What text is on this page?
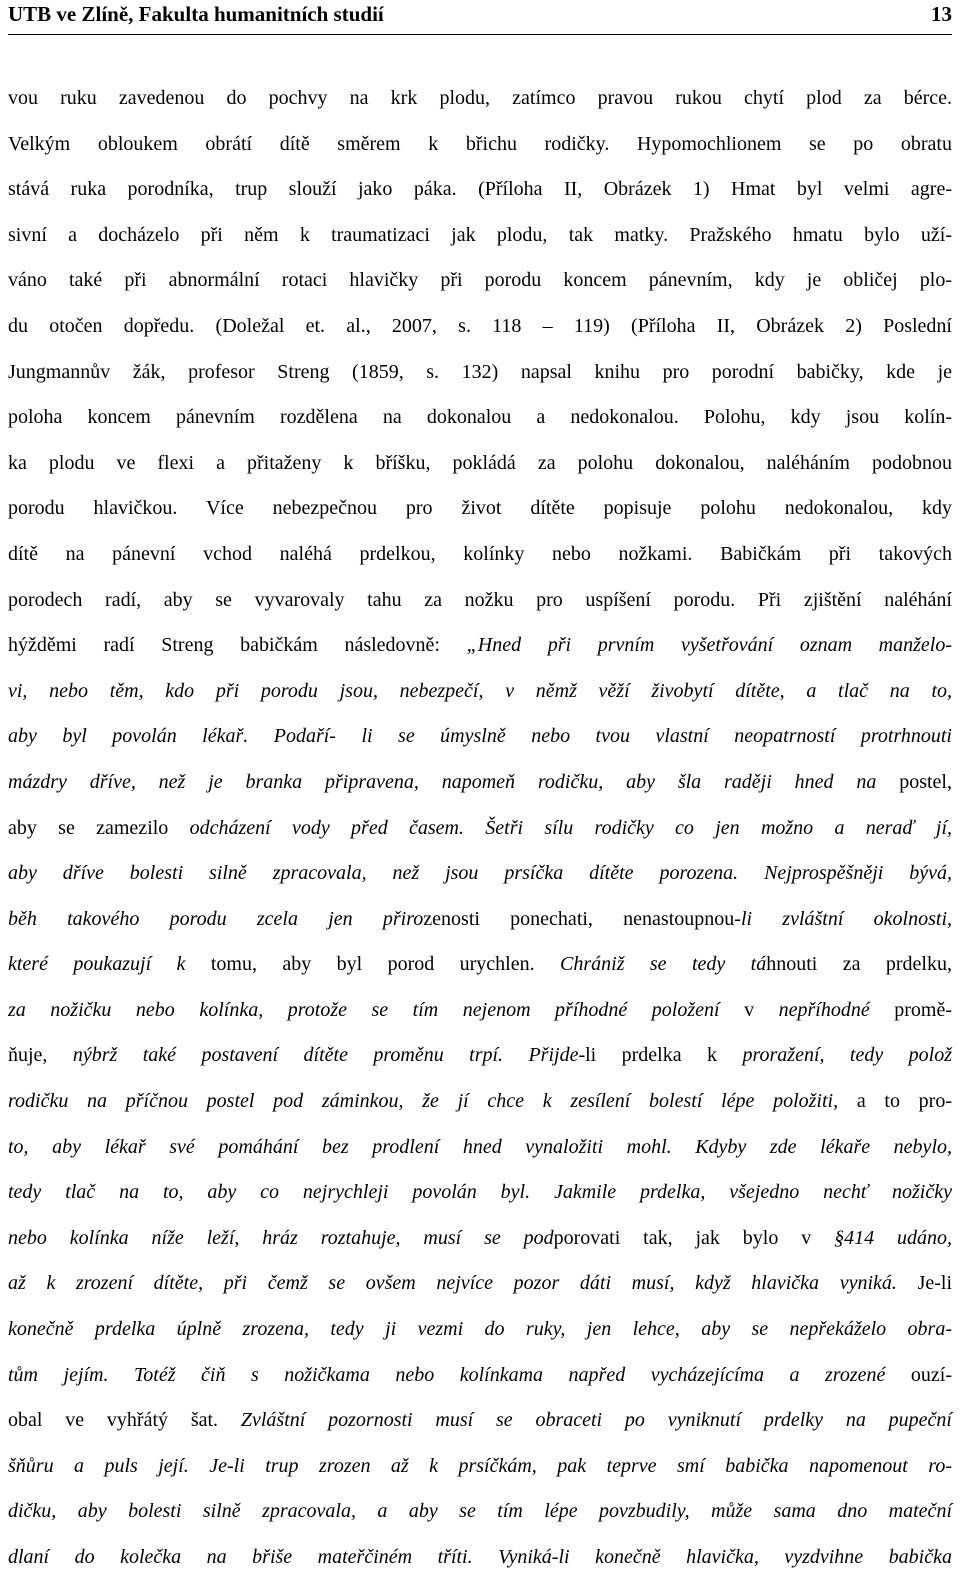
UTB ve Zlíně, Fakulta humanitních studií	13
vou ruku zavedenou do pochvy na krk plodu, zatímco pravou rukou chytí plod za bérce.
Velkým obloukem obrátí dítě směrem k břichu rodičky. Hypomochlionem se po obratu
stává ruka porodníka, trup slouží jako páka. (Příloha II, Obrázek 1) Hmat byl velmi agre-
sivní a docházelo při něm k traumatizaci jak plodu, tak matky. Pražského hmatu bylo uží-
váno také při abnormální rotaci hlavičky při porodu koncem pánevním, kdy je obličej plo-
du otočen dopředu. (Doležal et. al., 2007, s. 118 – 119) (Příloha II, Obrázek 2) Poslední
Jungmannův žák, profesor Streng (1859, s. 132) napsal knihu pro porodní babičky, kde je
poloha koncem pánevním rozdělena na dokonalou a nedokonalou. Polohu, kdy jsou kolín-
ka plodu ve flexi a přitaženy k bříšku, pokládá za polohu dokonalou, naléháním podobnou
porodu hlavičkou. Více nebezpečnou pro život dítěte popisuje polohu nedokonalou, kdy
dítě na pánevní vchod naléhá prdelkou, kolínky nebo nožkami. Babičkám při takových
porodech radí, aby se vyvarovaly tahu za nožku pro uspíšení porodu. Při zjištění naléhání
hýžděmi radí Streng babičkám následovně: „Hned při prvním vyšetřování oznam manželo-
vi, nebo těm, kdo při porodu jsou, nebezpečí, v němž věží živobytí dítěte, a tlač na to,
aby byl povolán lékař. Podaří- li se úmyslně nebo tvou vlastní neopatrností protrhnouti
mázdry dříve, než je branka připravena, napomeň rodičku, aby šla raději hned na postel,
aby se zamezilo odcházení vody před časem. Šetři sílu rodičky co jen možno a neraď jí,
aby dříve bolesti silně zpracovala, než jsou prsíčka dítěte porozena. Nejprospěšněji bývá,
běh takového porodu zcela jen přirozenosti ponechati, nenastoupnou-li zvláštní okolnosti,
které poukazují k tomu, aby byl porod urychlen. Chrániž se tedy táhnouti za prdelku,
za nožičku nebo kolínka, protože se tím nejenom příhodné položení v nepříhodné promě-
ňuje, nýbrž také postavení dítěte proměnu trpí. Přijde-li prdelka k proražení, tedy polož
rodičku na příčnou postel pod záminkou, že jí chce k zesílení bolestí lépe položiti, a to pro-
to, aby lékař své pomáhání bez prodlení hned vynaložiti mohl. Kdyby zde lékaře nebylo,
tedy tlač na to, aby co nejrychleji povolán byl. Jakmile prdelka, všejedno nechť nožičky
nebo kolínka níže leží, hráz roztahuje, musí se podporovati tak, jak bylo v §414 udáno,
až k zrození dítěte, při čemž se ovšem nejvíce pozor dáti musí, když hlavička vyniká. Je-li
konečně prdelka úplně zrozena, tedy ji vezmi do ruky, jen lehce, aby se nepřekáželo obra-
tům jejím. Totéž čiň s nožičkama nebo kolínkama napřed vycházejícíma a zrozené ouzí-
obal ve vyhřátý šat. Zvláštní pozornosti musí se obraceti po vyniknutí prdelky na pupeční
šňůru a puls její. Je-li trup zrozen až k prsíčkám, pak teprve smí babička napomenout ro-
dičku, aby bolesti silně zpracovala, a aby se tím lépe povzbudily, může sama dno mateční
dlaní do kolečka na břiše mateřčiném tříti. Vyniká-li konečně hlavička, vyzdvihne babička
